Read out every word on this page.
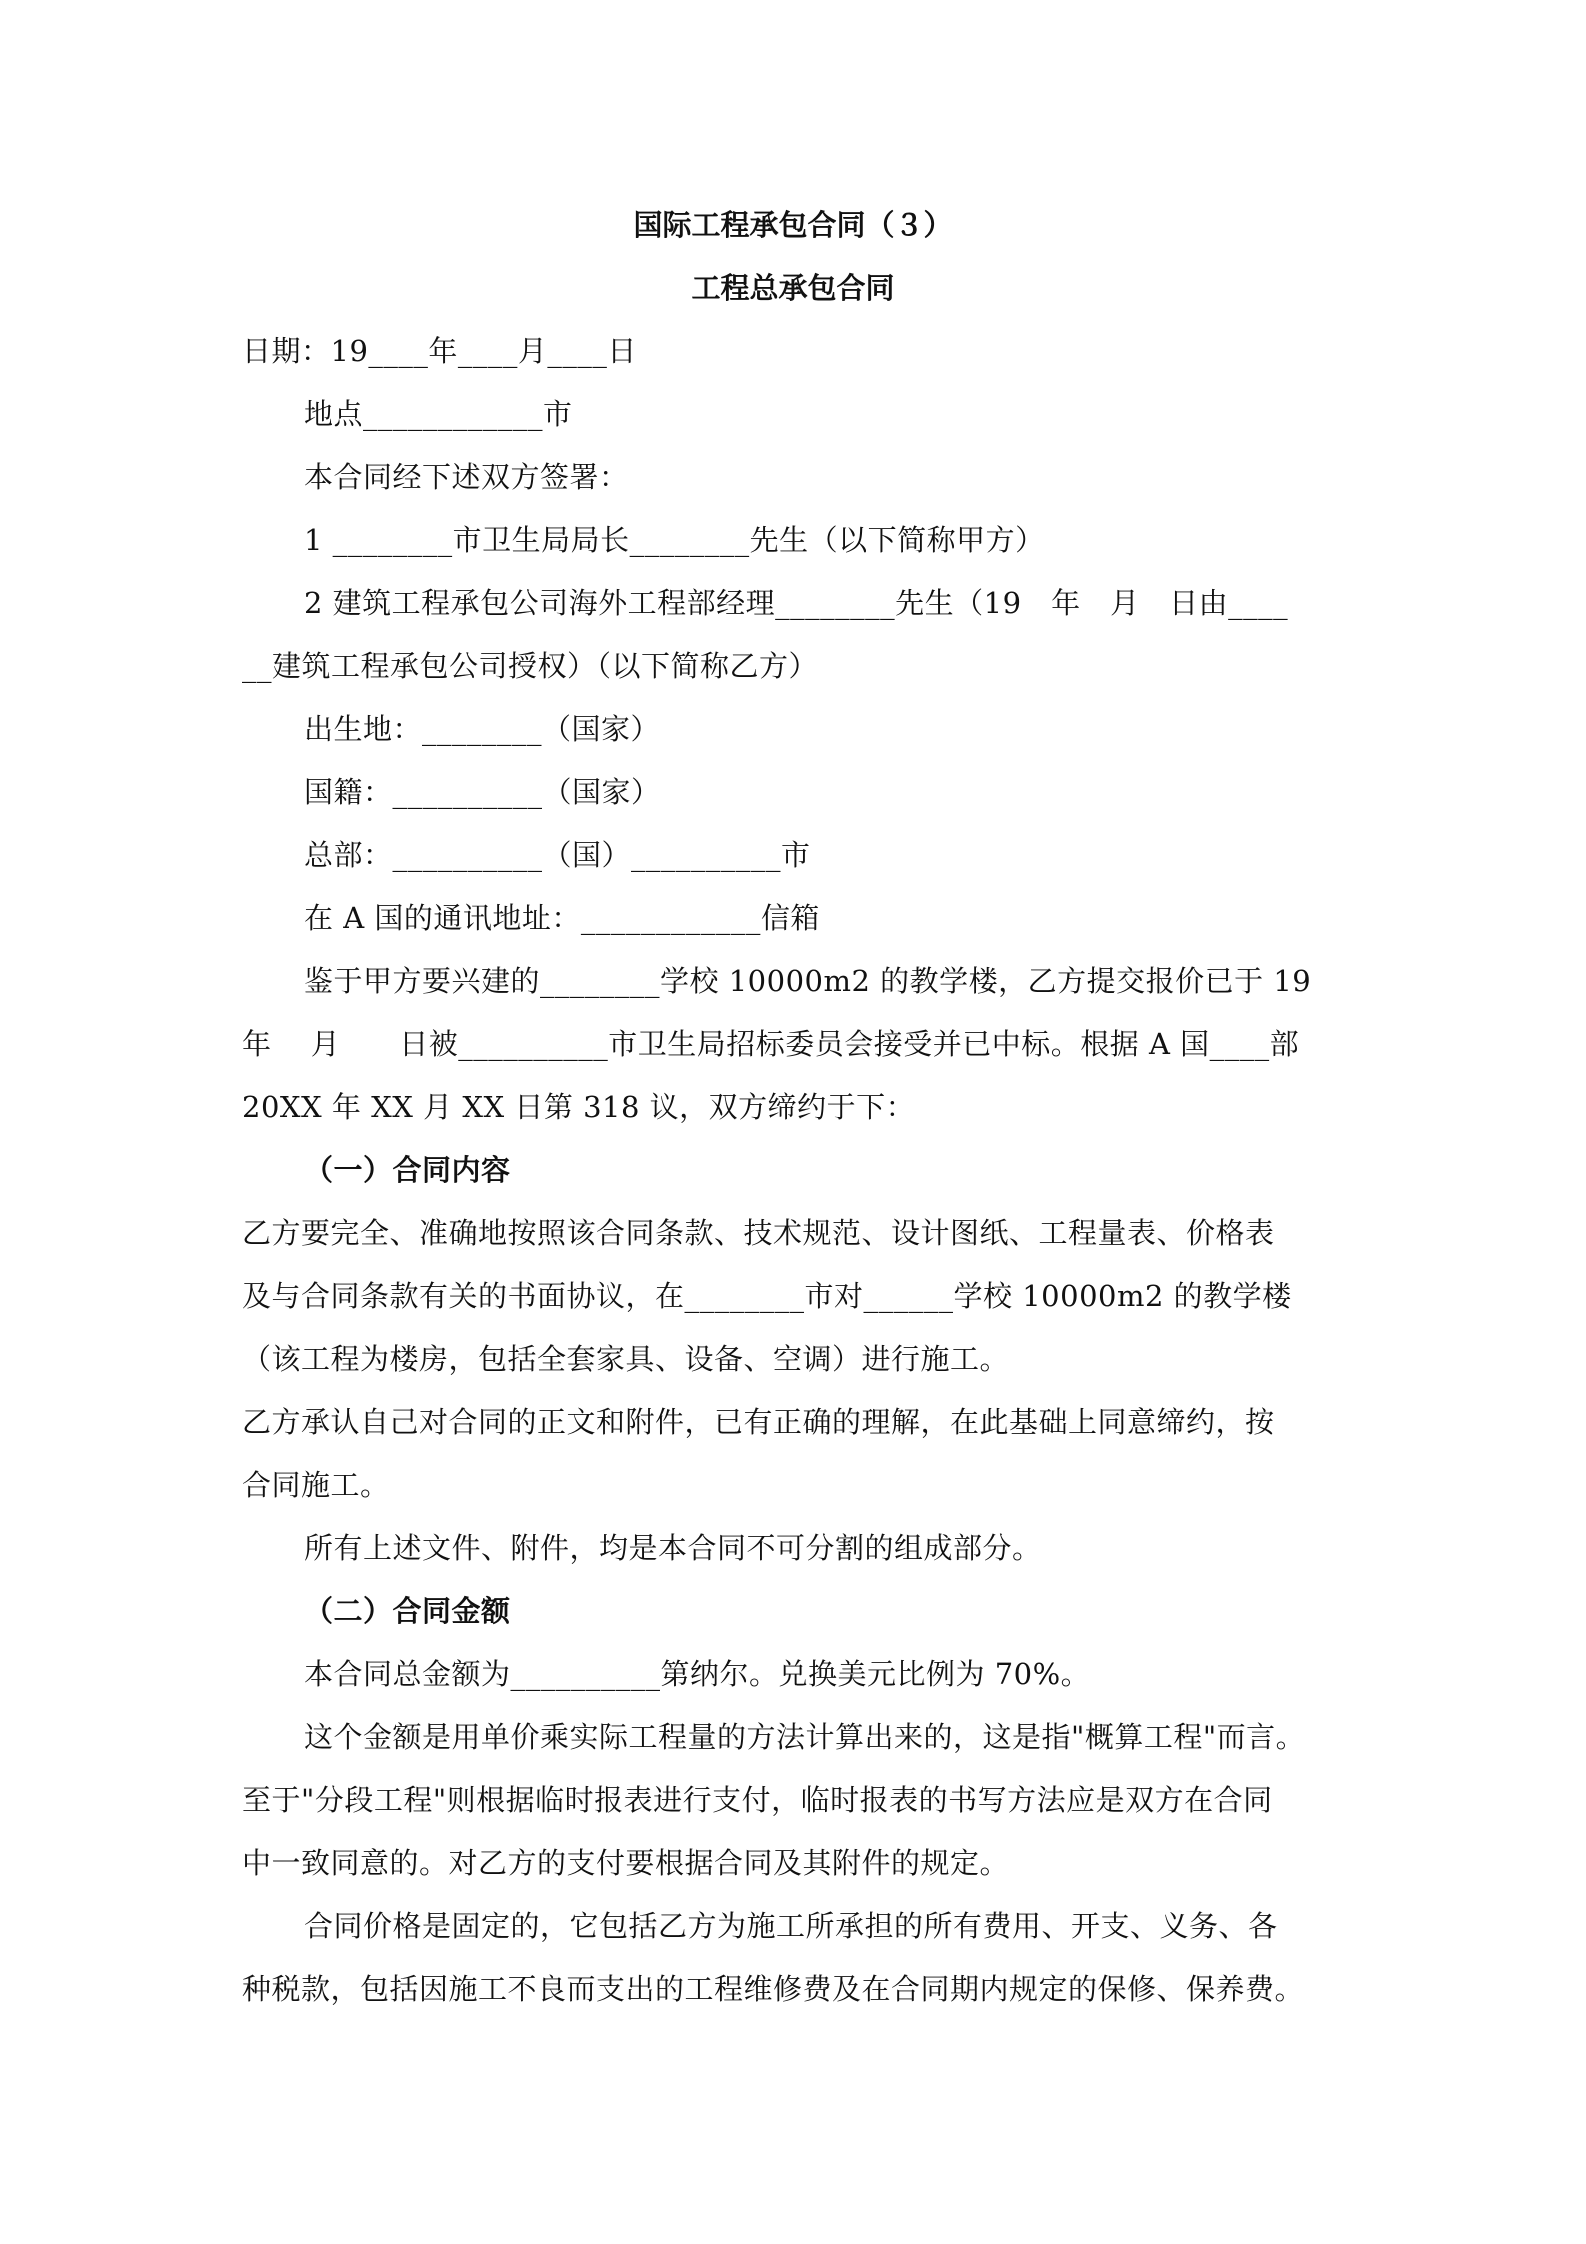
国际工程承包合同（３）
工程总承包合同
日期：19____年____月____日
地点____________市
本合同经下述双方签署：
1 ________市卫生局局长________先生（以下简称甲方）
2 建筑工程承包公司海外工程部经理________先生（19　年　月　日由____
__建筑工程承包公司授权）（以下简称乙方）
出生地：________（国家）
国籍：__________（国家）
总部：__________（国）__________市
在 A 国的通讯地址：____________信箱
鉴于甲方要兴建的________学校 10000m2 的教学楼，乙方提交报价已于 19
年　 月　　日被__________市卫生局招标委员会接受并已中标。根据 A 国____部
20XX 年 XX 月 XX 日第 318 议，双方缔约于下：
（一）合同内容
乙方要完全、准确地按照该合同条款、技术规范、设计图纸、工程量表、价格表
及与合同条款有关的书面协议，在________市对______学校 10000m2 的教学楼
（该工程为楼房，包括全套家具、设备、空调）进行施工。
乙方承认自己对合同的正文和附件，已有正确的理解，在此基础上同意缔约，按
合同施工。
所有上述文件、附件，均是本合同不可分割的组成部分。
（二）合同金额
本合同总金额为__________第纳尔。兑换美元比例为 70%。
这个金额是用单价乘实际工程量的方法计算出来的，这是指"概算工程"而言。
至于"分段工程"则根据临时报表进行支付，临时报表的书写方法应是双方在合同
中一致同意的。对乙方的支付要根据合同及其附件的规定。
合同价格是固定的，它包括乙方为施工所承担的所有费用、开支、义务、各
种税款，包括因施工不良而支出的工程维修费及在合同期内规定的保修、保养费。
